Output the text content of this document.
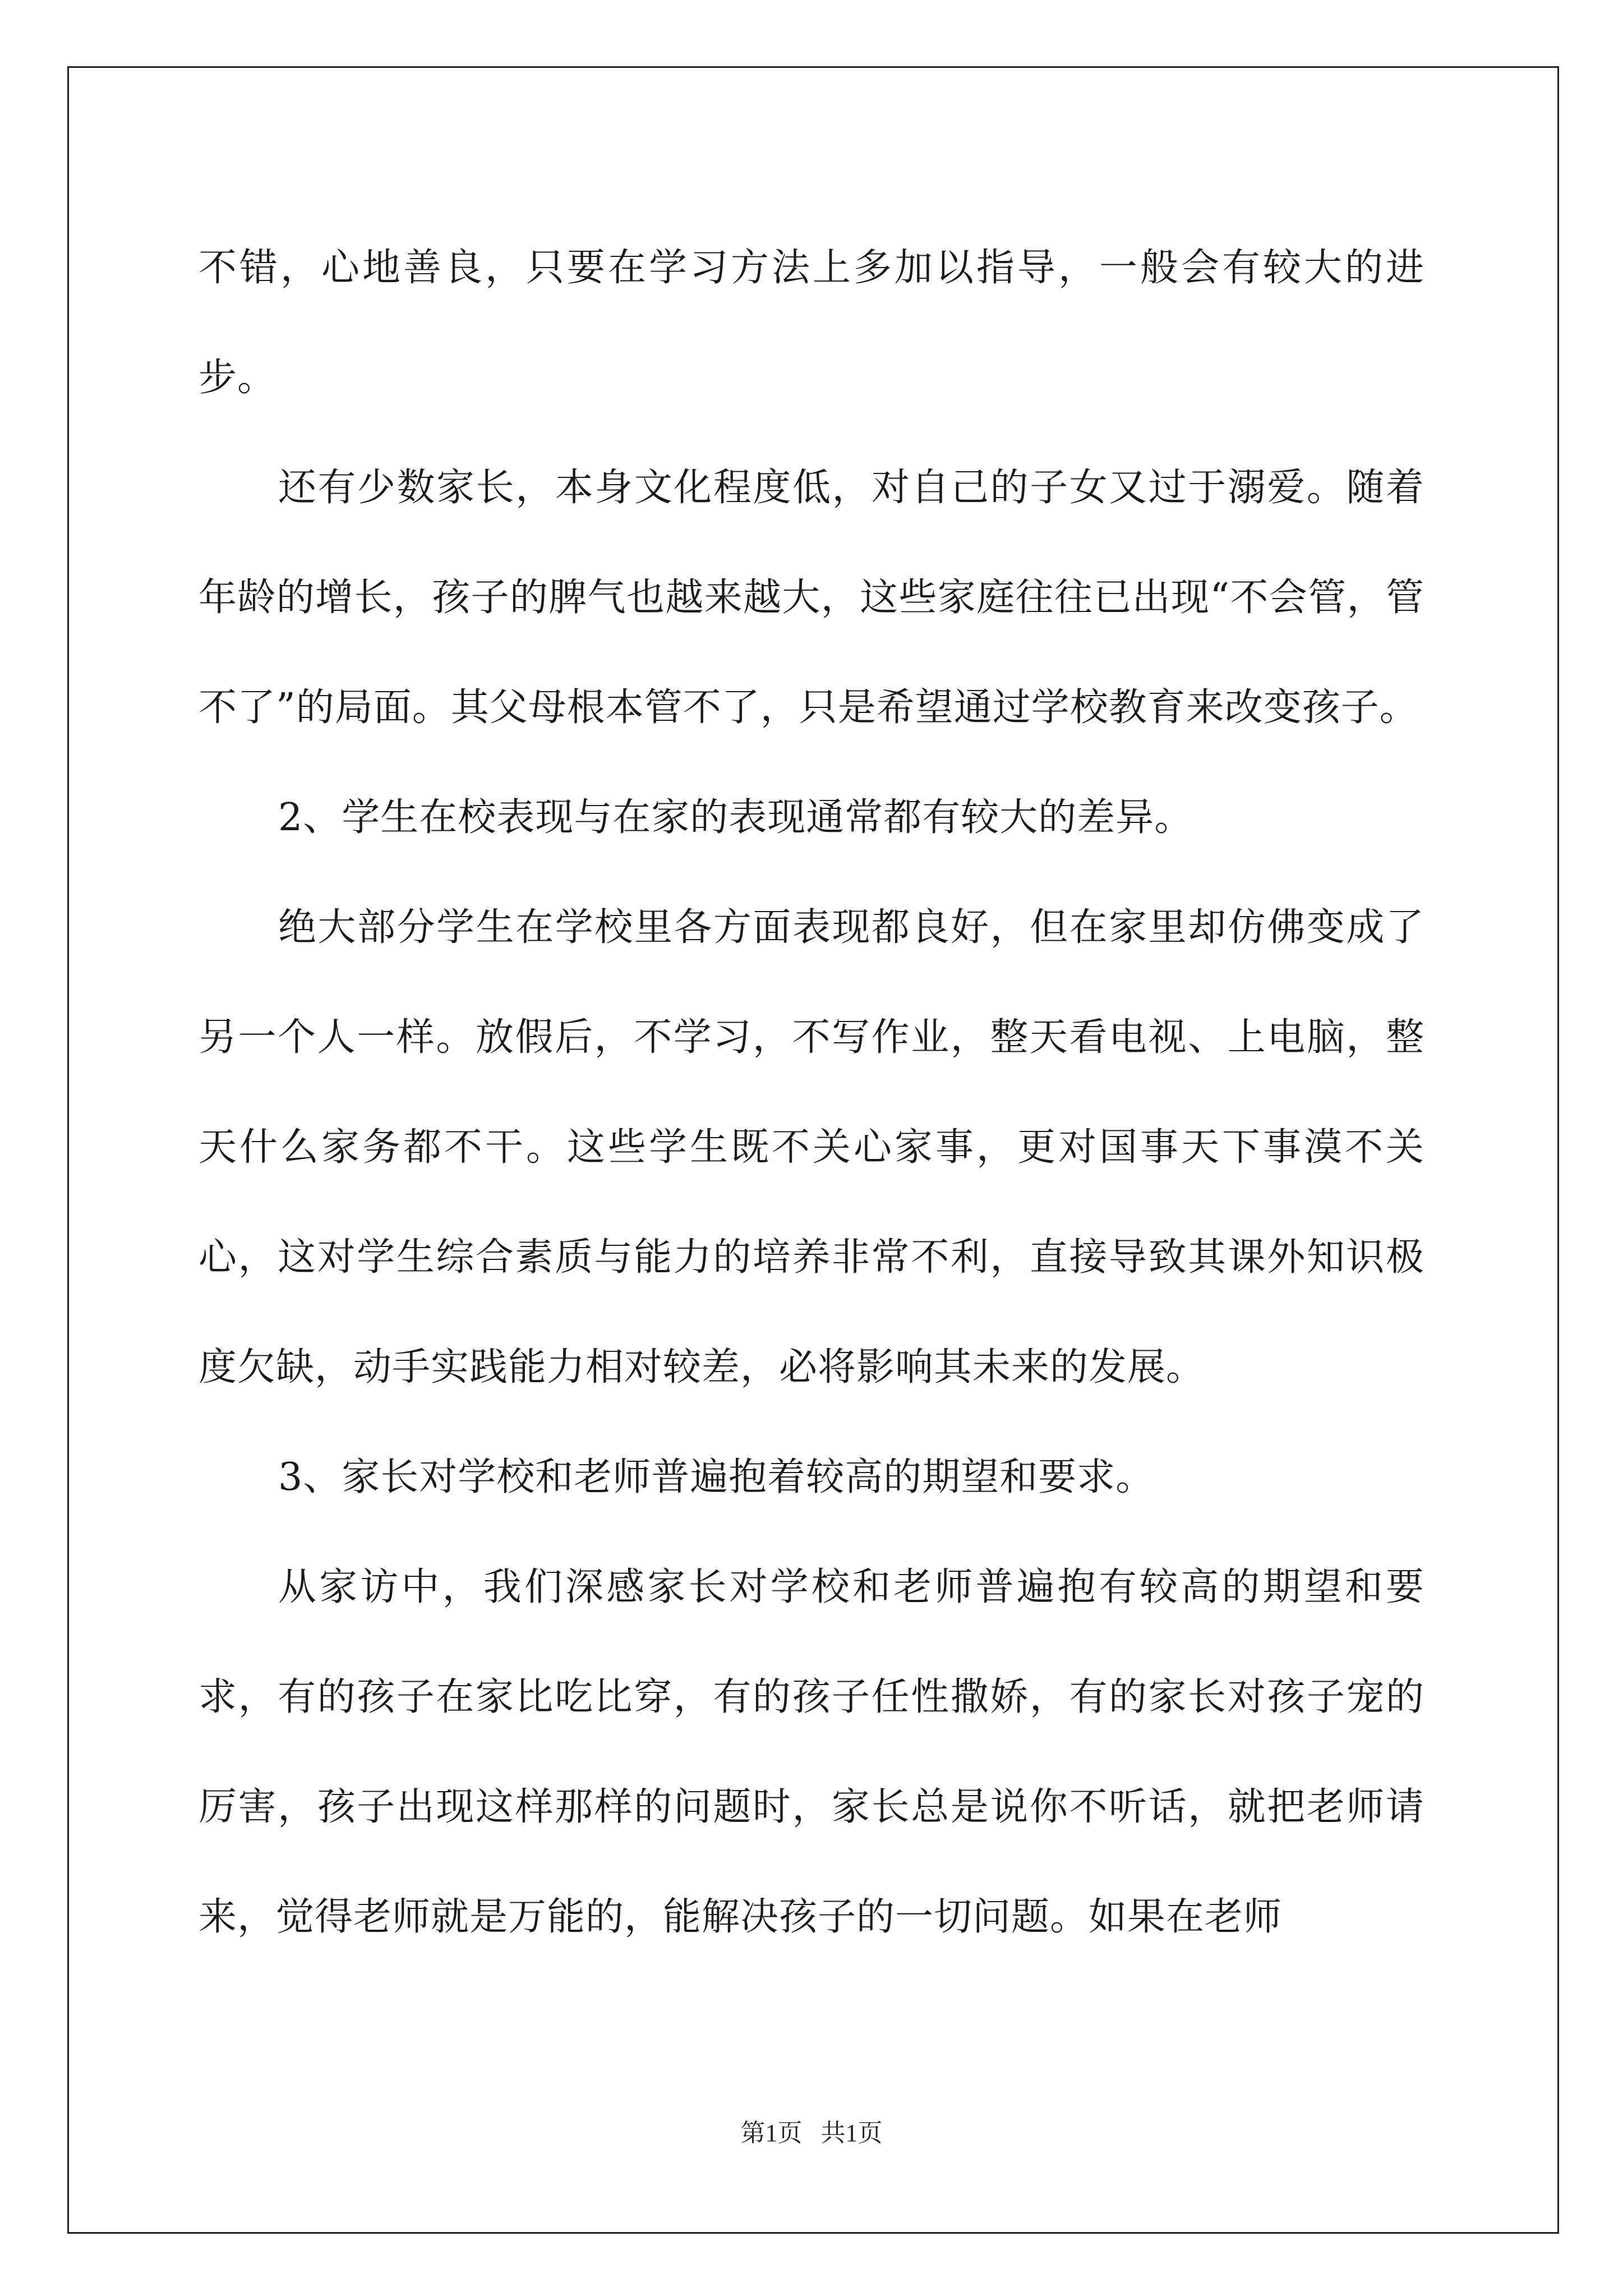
不错，心地善良，只要在学习方法上多加以指导，一般会有较大的进步。

还有少数家长，本身文化程度低，对自己的子女又过于溺爱。随着年龄的增长，孩子的脾气也越来越大，这些家庭往往已出现“不会管，管不了”的局面。其父母根本管不了，只是希望通过学校教育来改变孩子。

2、学生在校表现与在家的表现通常都有较大的差异。

绝大部分学生在学校里各方面表现都良好，但在家里却仿佛变成了另一个人一样。放假后，不学习，不写作业，整天看电视、上电脑，整天什么家务都不干。这些学生既不关心家事，更对国事天下事漠不关心，这对学生综合素质与能力的培养非常不利，直接导致其课外知识极度欠缺，动手实践能力相对较差，必将影响其未来的发展。

3、家长对学校和老师普遍抱着较高的期望和要求。

从家访中，我们深感家长对学校和老师普遍抱有较高的期望和要求，有的孩子在家比吃比穿，有的孩子任性撒娇，有的家长对孩子宠的厉害，孩子出现这样那样的问题时，家长总是说你不听话，就把老师请来，觉得老师就是万能的，能解决孩子的一切问题。如果在老师

第1页 共1页
